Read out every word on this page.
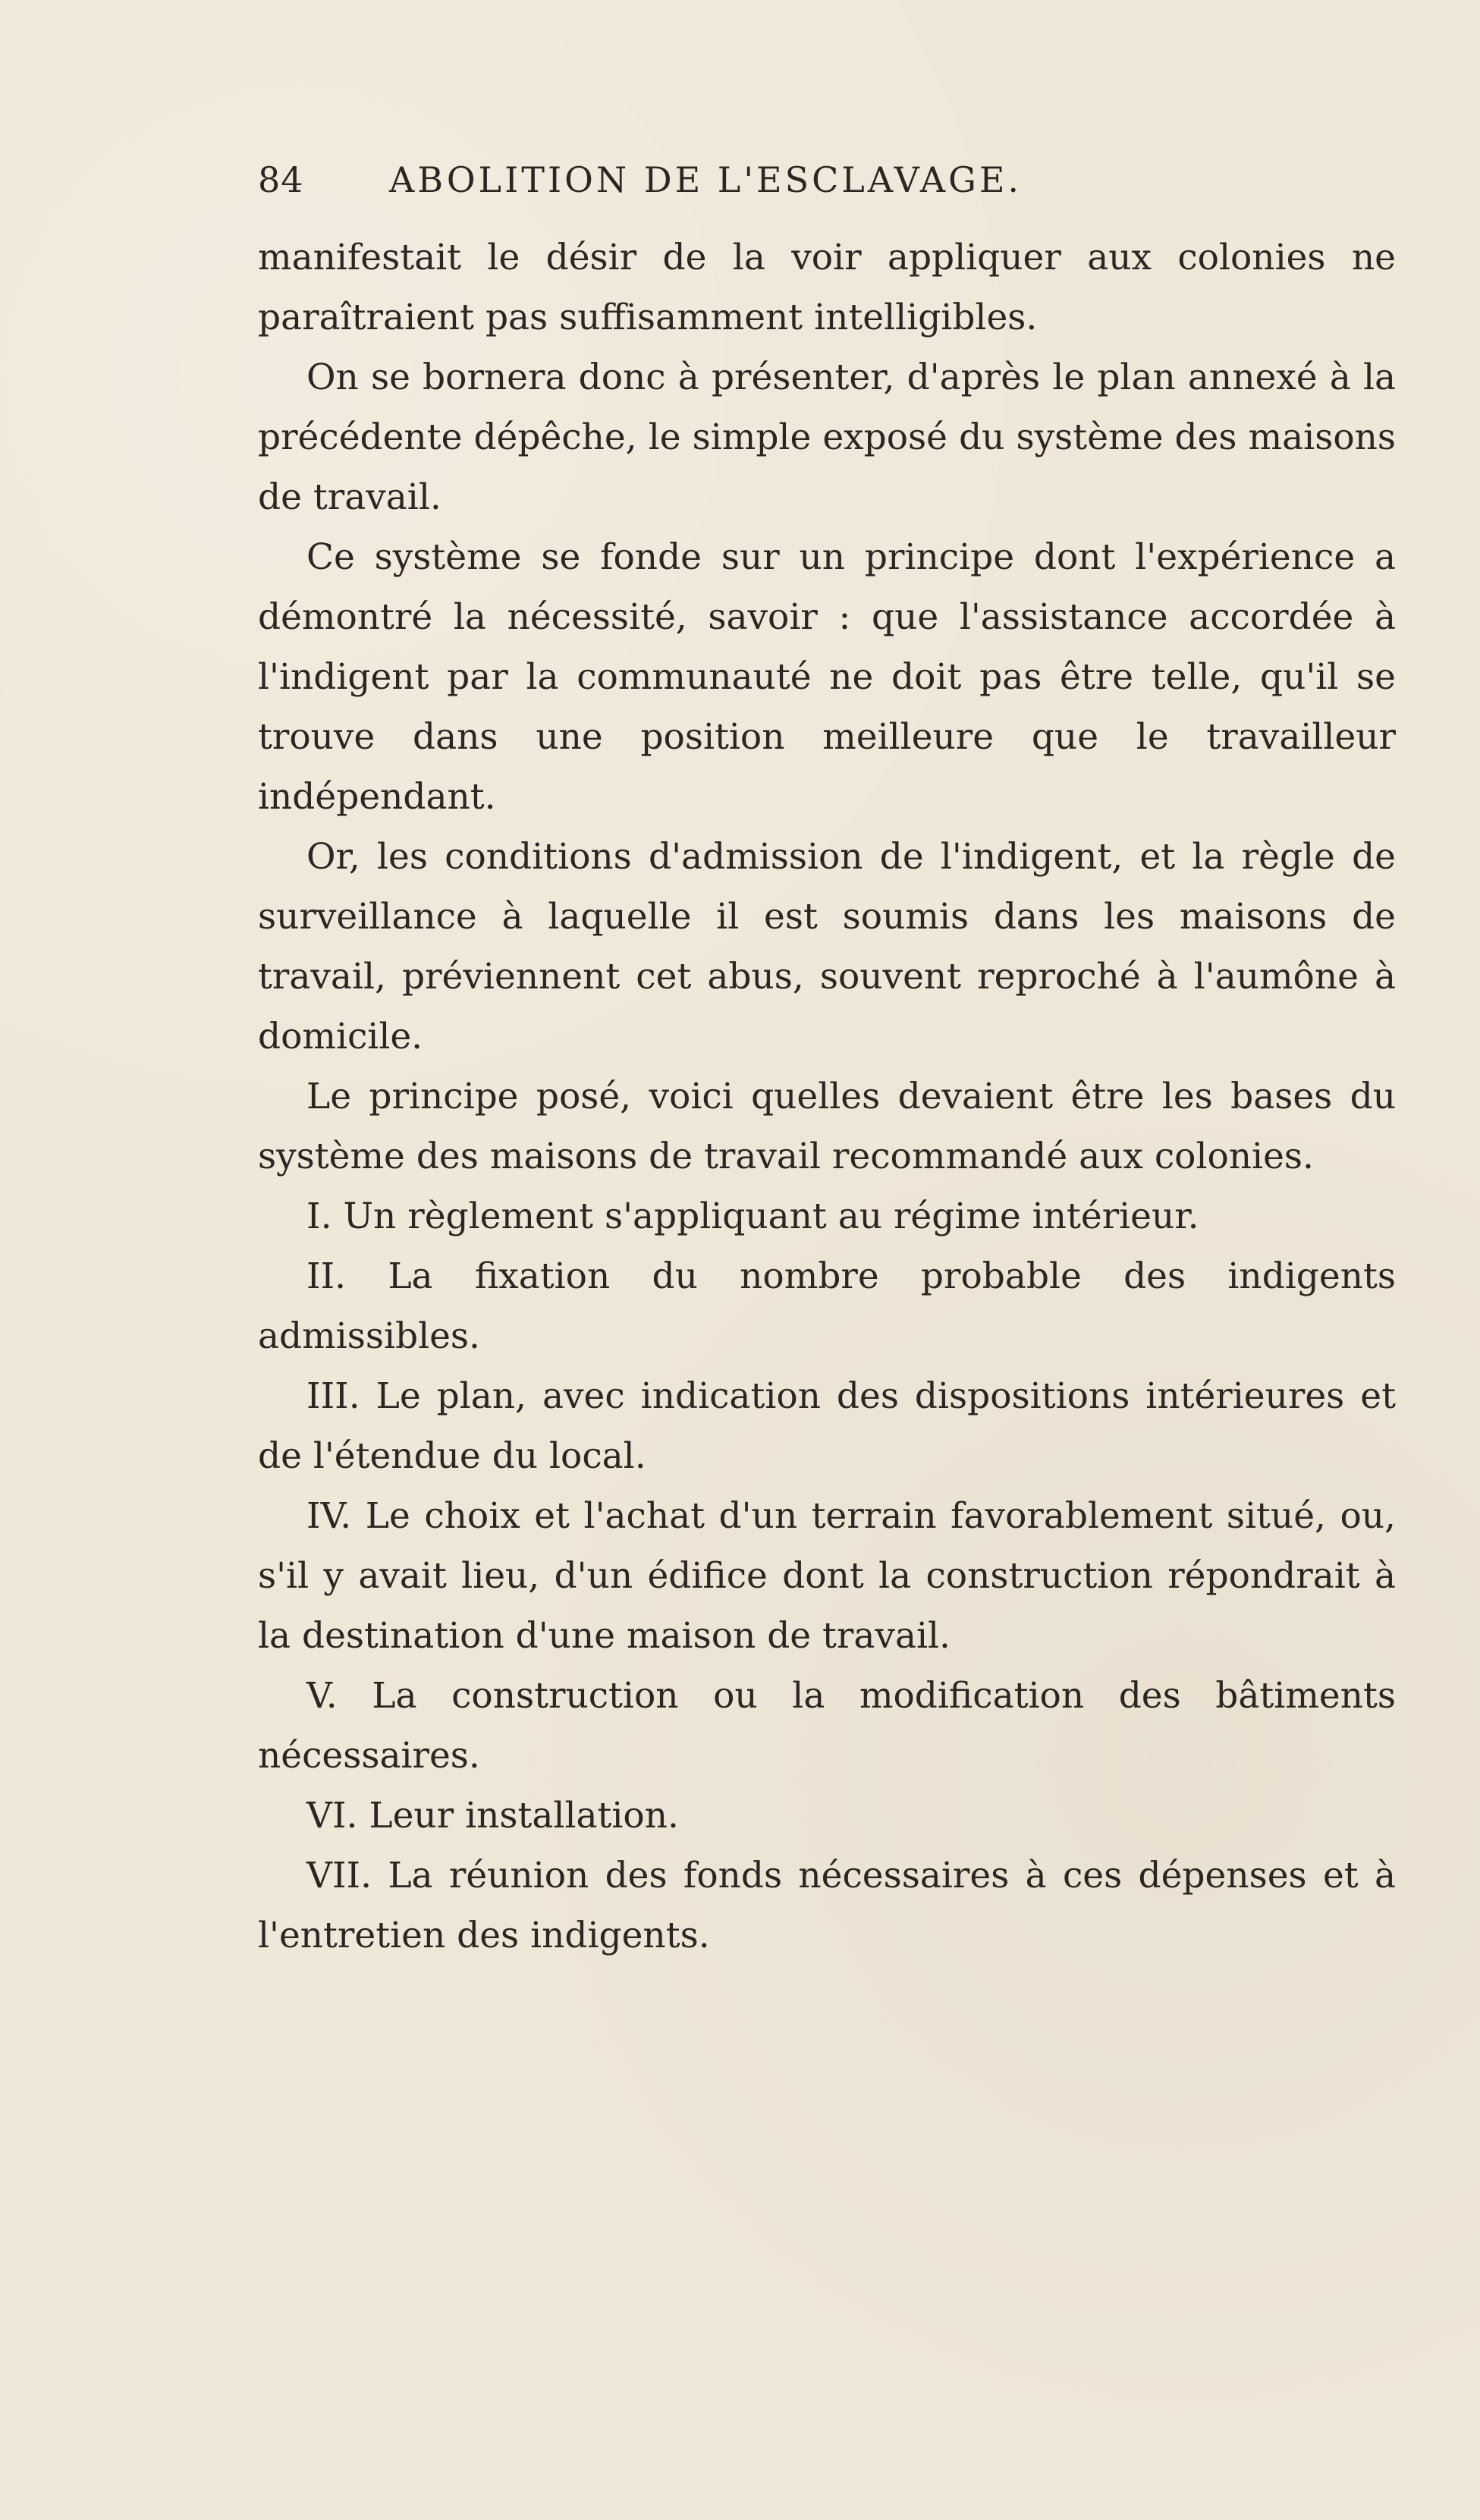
84	ABOLITION DE L'ESCLAVAGE.

manifestait le désir de la voir appliquer aux colonies ne paraîtraient pas suffisamment intelligibles.

On se bornera donc à présenter, d'après le plan annexé à la précédente dépêche, le simple exposé du système des maisons de travail.

Ce système se fonde sur un principe dont l'expérience a démontré la nécessité, savoir : que l'assistance accordée à l'indigent par la communauté ne doit pas être telle, qu'il se trouve dans une position meilleure que le travailleur indépendant.

Or, les conditions d'admission de l'indigent, et la règle de surveillance à laquelle il est soumis dans les maisons de travail, préviennent cet abus, souvent reproché à l'aumône à domicile.

Le principe posé, voici quelles devaient être les bases du système des maisons de travail recommandé aux colonies.

I. Un règlement s'appliquant au régime intérieur.

II. La fixation du nombre probable des indigents admissibles.

III. Le plan, avec indication des dispositions intérieures et de l'étendue du local.

IV. Le choix et l'achat d'un terrain favorablement situé, ou, s'il y avait lieu, d'un édifice dont la construction répondrait à la destination d'une maison de travail.

V. La construction ou la modification des bâtiments nécessaires.

VI. Leur installation.

VII. La réunion des fonds nécessaires à ces dépenses et à l'entretien des indigents.
